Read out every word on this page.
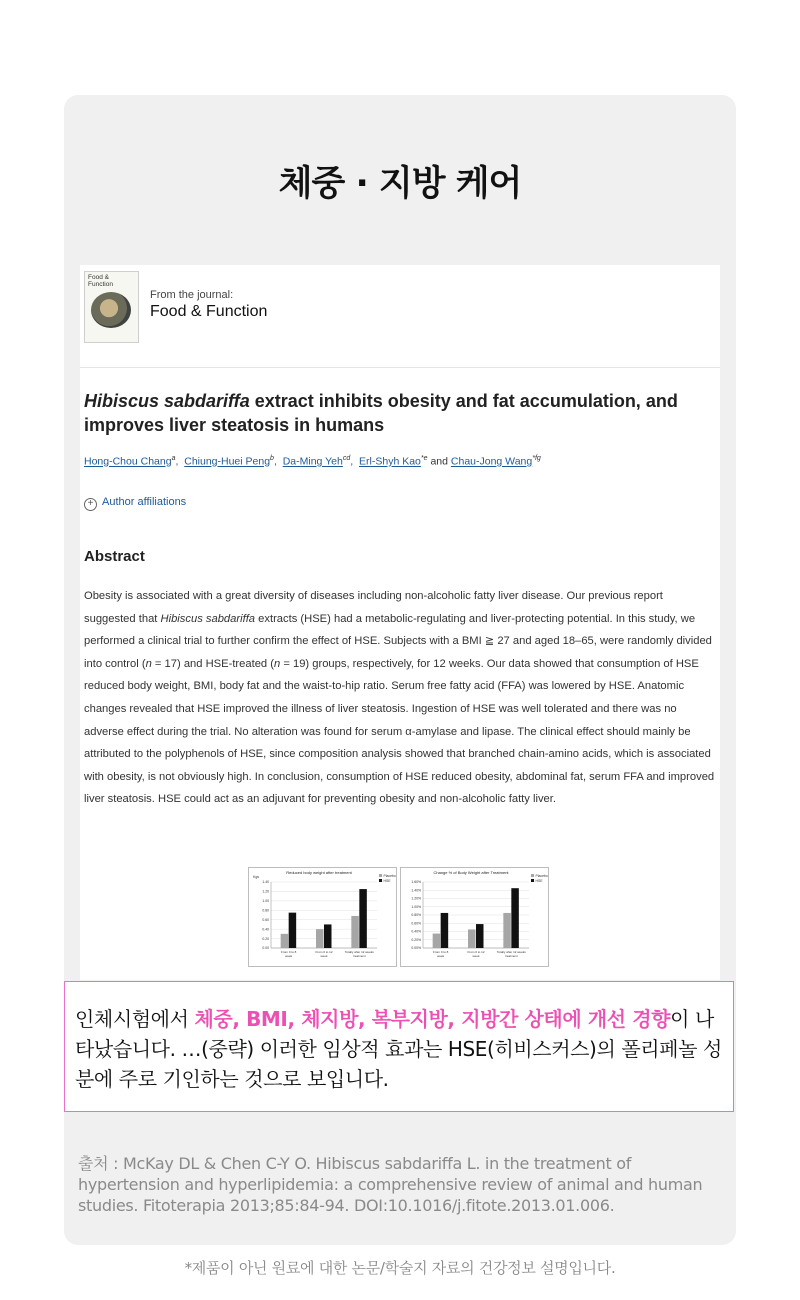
체중 · 지방 케어
Food &
Function
From the journal:
Food & Function
Hibiscus sabdariffa extract inhibits obesity and fat accumulation, and improves liver steatosis in humans
Hong-Chou Chang$^a$,  Chiung-Huei Peng$^b$,  Da-Ming Yeh$^{cd}$,  Erl-Shyh Kao$^{*e}$ and Chau-Jong Wang$^{*fg}$
+ Author affiliations
Abstract
Obesity is associated with a great diversity of diseases including non-alcoholic fatty liver disease. Our previous report suggested that Hibiscus sabdariffa extracts (HSE) had a metabolic-regulating and liver-protecting potential. In this study, we performed a clinical trial to further confirm the effect of HSE. Subjects with a BMI ≧ 27 and aged 18–65, were randomly divided into control (n = 17) and HSE-treated (n = 19) groups, respectively, for 12 weeks. Our data showed that consumption of HSE reduced body weight, BMI, body fat and the waist-to-hip ratio. Serum free fatty acid (FFA) was lowered by HSE. Anatomic changes revealed that HSE improved the illness of liver steatosis. Ingestion of HSE was well tolerated and there was no adverse effect during the trial. No alteration was found for serum α-amylase and lipase. The clinical effect should mainly be attributed to the polyphenols of HSE, since composition analysis showed that branched chain-amino acids, which is associated with obesity, is not obviously high. In conclusion, consumption of HSE reduced obesity, abdominal fat, serum FFA and improved liver steatosis. HSE could act as an adjuvant for preventing obesity and non-alcoholic fatty liver.
Reduced body weight after treatment
Kgs
0.00
0.20
0.40
0.60
0.80
1.00
1.20
1.40
From 0 to 8
week
From 0 to 12
week
Totally after 12 weeks
treatment
Placebo
HSE
Change % of Body Weight after Treatment
0.00%
0.20%
0.40%
0.60%
0.80%
1.00%
1.20%
1.40%
1.60%
From 0 to 8
week
From 0 to 12
week
Totally after 12 weeks
treatment
Placebo
HSE
인체시험에서 체중, BMI, 체지방, 복부지방, 지방간 상태에 개선 경향이 나타났습니다. …(중략) 이러한 임상적 효과는 HSE(히비스커스)의 폴리페놀 성분에 주로 기인하는 것으로 보입니다.
출처 : McKay DL & Chen C-Y O. Hibiscus sabdariffa L. in the treatment of hypertension and hyperlipidemia: a comprehensive review of animal and human studies. Fitoterapia 2013;85:84-94. DOI:10.1016/j.fitote.2013.01.006.
*제품이 아닌 원료에 대한 논문/학술지 자료의 건강정보 설명입니다.
